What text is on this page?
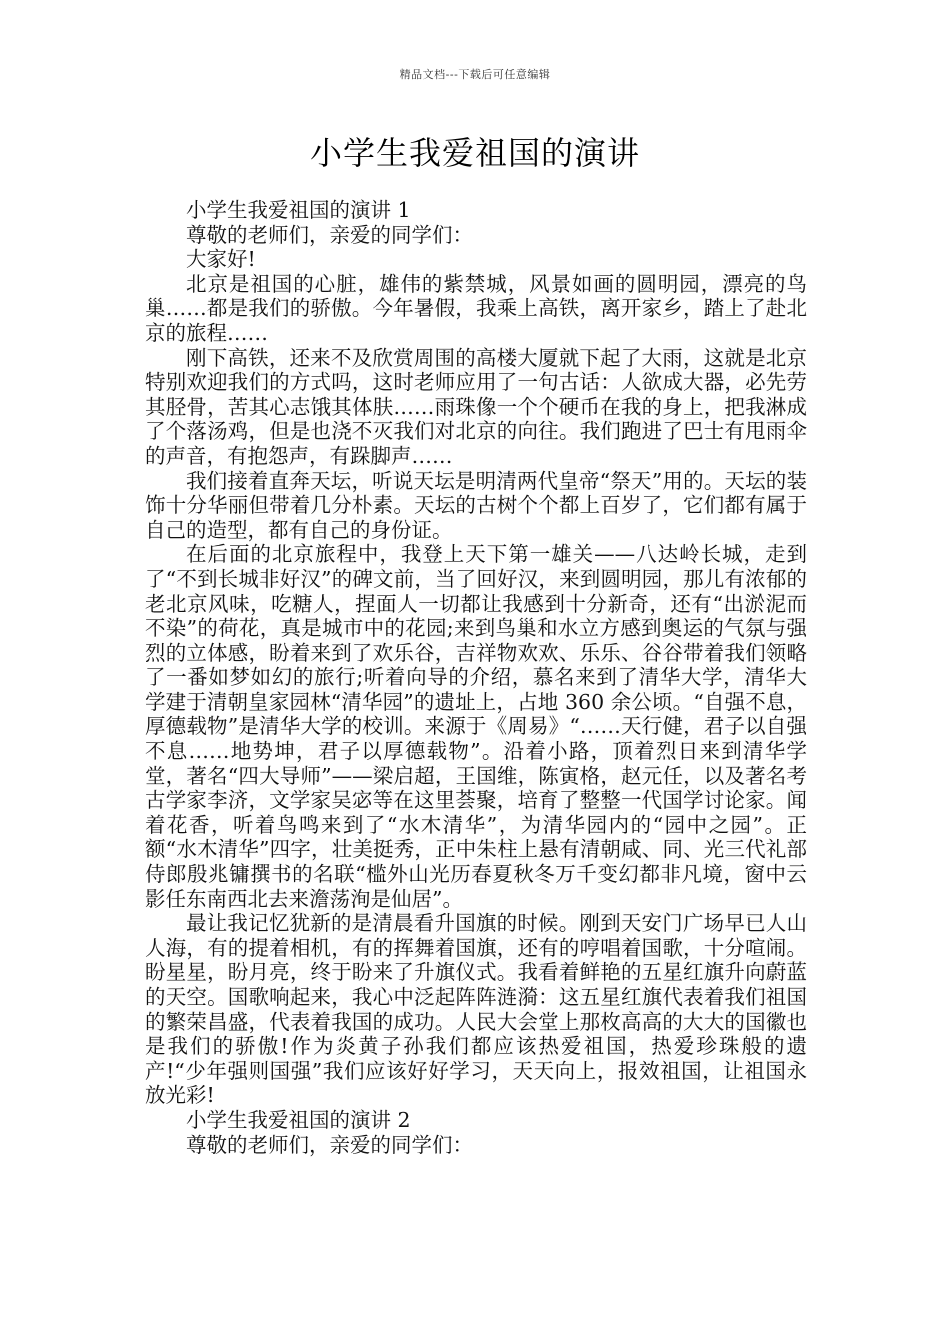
精品文档---下载后可任意编辑
小学生我爱祖国的演讲

小学生我爱祖国的演讲 1

尊敬的老师们，亲爱的同学们：

大家好!

北京是祖国的心脏，雄伟的紫禁城，风景如画的圆明园，漂亮的鸟巢……都是我们的骄傲。今年暑假，我乘上高铁，离开家乡，踏上了赴北京的旅程……

刚下高铁，还来不及欣赏周围的高楼大厦就下起了大雨，这就是北京特别欢迎我们的方式吗，这时老师应用了一句古话：人欲成大器，必先劳其胫骨，苦其心志饿其体肤……雨珠像一个个硬币在我的身上，把我淋成了个落汤鸡，但是也浇不灭我们对北京的向往。我们跑进了巴士有甩雨伞的声音，有抱怨声，有跺脚声……

我们接着直奔天坛，听说天坛是明清两代皇帝“祭天”用的。天坛的装饰十分华丽但带着几分朴素。天坛的古树个个都上百岁了，它们都有属于自己的造型，都有自己的身份证。

在后面的北京旅程中，我登上天下第一雄关——八达岭长城，走到了“不到长城非好汉”的碑文前，当了回好汉，来到圆明园，那儿有浓郁的老北京风味，吃糖人，捏面人一切都让我感到十分新奇，还有“出淤泥而不染”的荷花，真是城市中的花园;来到鸟巢和水立方感到奥运的气氛与强烈的立体感，盼着来到了欢乐谷，吉祥物欢欢、乐乐、谷谷带着我们领略了一番如梦如幻的旅行;听着向导的介绍，慕名来到了清华大学，清华大学建于清朝皇家园林“清华园”的遗址上，占地 360 余公顷。“自强不息，厚德载物”是清华大学的校训。来源于《周易》“……天行健，君子以自强不息……地势坤，君子以厚德载物”。沿着小路，顶着烈日来到清华学堂，著名“四大导师”——梁启超，王国维，陈寅格，赵元任，以及著名考古学家李济，文学家吴宓等在这里荟聚，培育了整整一代国学讨论家。闻着花香，听着鸟鸣来到了“水木清华”，为清华园内的“园中之园”。正额“水木清华”四字，壮美挺秀，正中朱柱上悬有清朝咸、同、光三代礼部侍郎殷兆镛撰书的名联“槛外山光历春夏秋冬万千变幻都非凡境，窗中云影任东南西北去来澹荡洵是仙居”。

最让我记忆犹新的是清晨看升国旗的时候。刚到天安门广场早已人山人海，有的提着相机，有的挥舞着国旗，还有的哼唱着国歌，十分喧闹。盼星星，盼月亮，终于盼来了升旗仪式。我看着鲜艳的五星红旗升向蔚蓝的天空。国歌响起来，我心中泛起阵阵涟漪：这五星红旗代表着我们祖国的繁荣昌盛，代表着我国的成功。人民大会堂上那枚高高的大大的国徽也是我们的骄傲!作为炎黄子孙我们都应该热爱祖国，热爱珍珠般的遗产!“少年强则国强”我们应该好好学习，天天向上，报效祖国，让祖国永放光彩!

小学生我爱祖国的演讲 2

尊敬的老师们，亲爱的同学们：
